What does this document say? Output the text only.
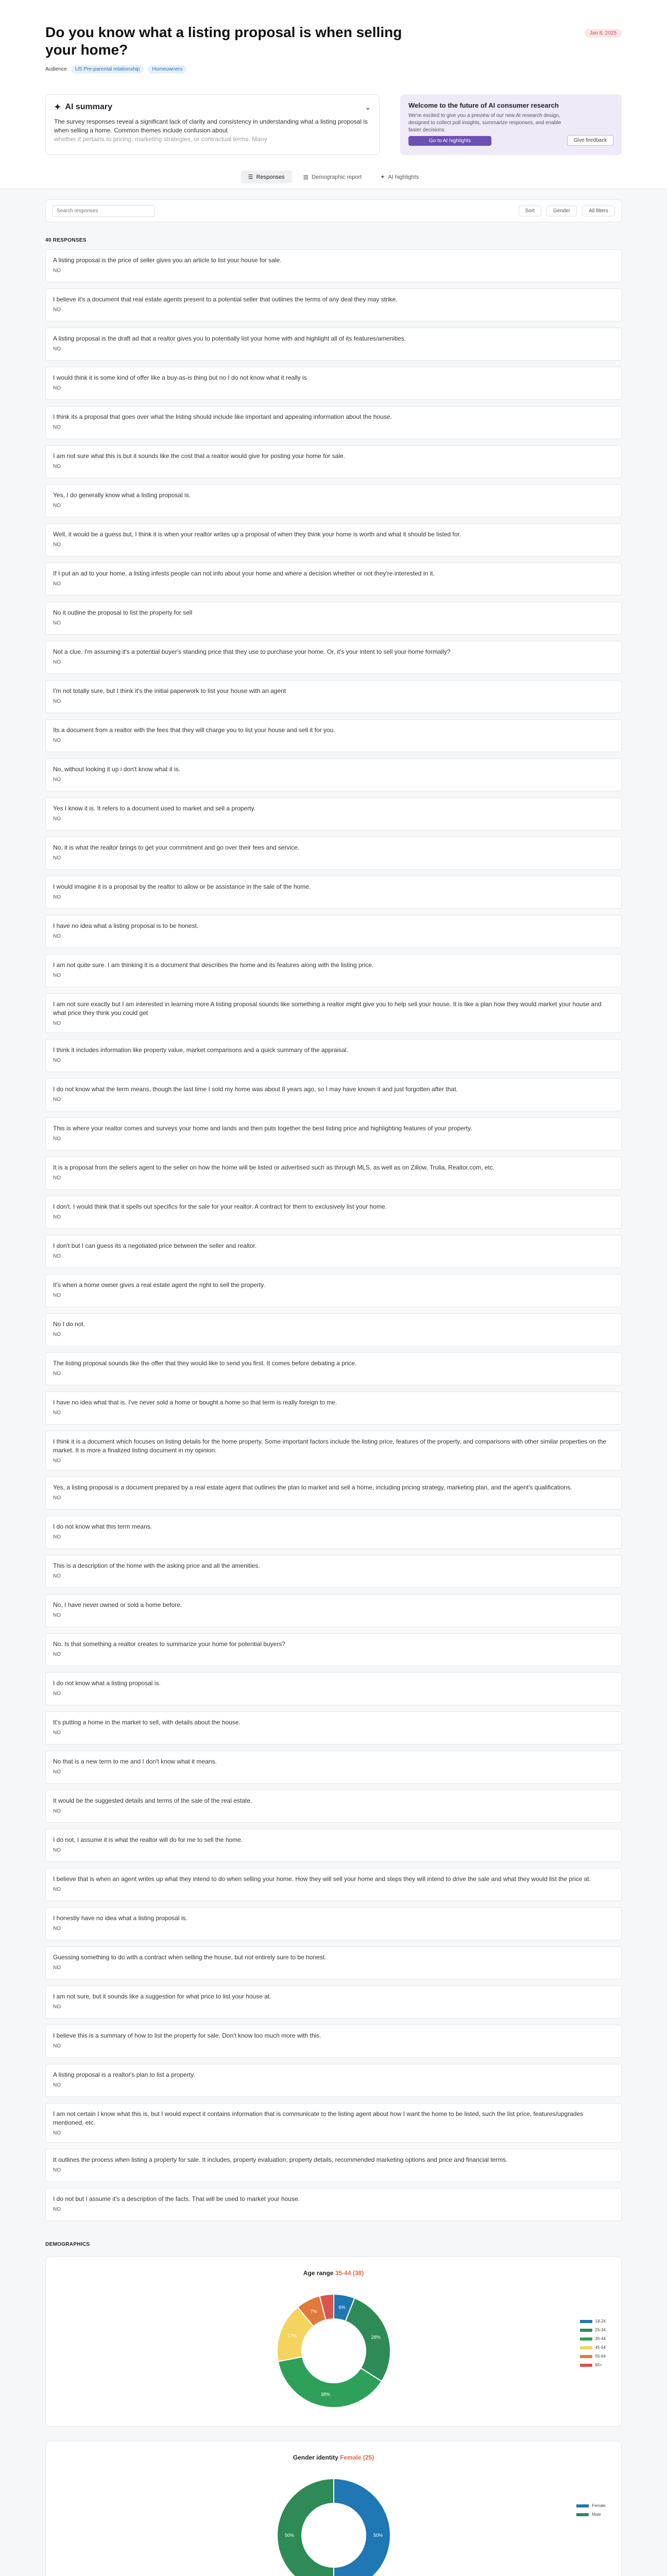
Do you know what a listing proposal is when selling your home?
Jan 8, 2025
Audience	US Pre-parental relationship	Homeowners
✦ AI summary	⌄

The survey responses reveal a significant lack of clarity and consistency in understanding what a listing proposal is when selling a home. Common themes include confusion about

whether it pertains to pricing, marketing strategies, or contractual terms. Many

Welcome to the future of AI consumer research
We're excited to give you a preview of our new AI research design, designed to collect poll insights, summarize responses, and enable faster decisions.
Go to AI highlights	Give feedback
☰ Responses	▥ Demographic report	✦ AI highlights
Search responses
Sort	Gender	All filters
40 RESPONSES
A listing proposal is the price of seller gives you an article to list your house for sale.
NO
I believe it's a document that real estate agents present to a potential seller that outlines the terms of any deal they may strike.
NO
A listing proposal is the draft ad that a realtor gives you to potentially list your home with and highlight all of its features/amenities.
NO
I would think it is some kind of offer like a buy-as-is thing but no I do not know what it really is
NO
I think its a proposal that goes over what the listing should include like important and appealing information about the house.
NO
I am not sure what this is but it sounds like the cost that a realtor would give for posting your home for sale.
NO
Yes, I do generally know what a listing proposal is.
NO
Well, it would be a guess but, I think it is when your realtor writes up a proposal of when they think your home is worth and what it should be listed for.
NO
If I put an ad to your home, a listing infests people can not info about your home and where a decision whether or not they're interested in it.
NO
No it outline the proposal to list the property for sell
NO
Not a clue. I'm assuming it's a potential buyer's standing price that they use to purchase your home. Or, it's your intent to sell your home formally?
NO
I'm not totally sure, but I think it's the initial paperwork to list your house with an agent
NO
Its a document from a realtor with the fees that they will charge you to list your house and sell it for you.
NO
No, without looking it up i don't know what it is.
NO
Yes I know it is. It refers to a document used to market and sell a property.
NO
No, it is what the realtor brings to get your commitment and go over their fees and service.
NO
I would imagine it is a proposal by the realtor to allow or be assistance in the sale of the home.
NO
I have no idea what a listing proposal is to be honest.
NO
I am not quite sure. I am thinking it is a document that describes the home and its features along with the listing price.
NO
I am not sure exactly but I am interested in learning more A listing proposal sounds like something a realtor might give you to help sell your house. It is like a plan how they would market your house and what price they think you could get
NO
I think it includes information like property value, market comparisons and a quick summary of the appraisal.
NO
I do not know what the term means, though the last time I sold my home was about 8 years ago, so I may have known it and just forgotten after that.
NO
This is where your realtor comes and surveys your home and lands and then puts together the best listing price and highlighting features of your property.
NO
It is a proposal from the sellers agent to the seller on how the home will be listed or advertised such as through MLS, as well as on Zillow, Trulia, Realtor.com, etc.
NO
I don't. I would think that it spells out specifics for the sale for your realtor. A contract for them to exclusively list your home.
NO
I don't but I can guess its a negotiated price between the seller and realtor.
NO
It's when a home owner gives a real estate agent the right to sell the property.
NO
No I do not.
NO
The listing proposal sounds like the offer that they would like to send you first. It comes before debating a price.
NO
I have no idea what that is. I've never sold a home or bought a home so that term is really foreign to me.
NO
I think it is a document which focuses on listing details for the home property. Some important factors include the listing price, features of the property, and comparisons with other similar properties on the market. It is more a finalized listing document in my opinion.
NO
Yes, a listing proposal is a document prepared by a real estate agent that outlines the plan to market and sell a home, including pricing strategy, marketing plan, and the agent's qualifications.
NO
I do not know what this term means.
NO
This is a description of the home with the asking price and all the amenities.
NO
No, I have never owned or sold a home before.
NO
No. Is that something a realtor creates to summarize your home for potential buyers?
NO
I do not know what a listing proposal is.
NO
It's putting a home in the market to sell, with details about the house.
NO
No that is a new term to me and I don't know what it means.
NO
It would be the suggested details and terms of the sale of the real estate.
NO
I do not, I assume it is what the realtor will do for me to sell the home.
NO
I believe that is when an agent writes up what they intend to do when selling your home. How they will sell your home and steps they will intend to drive the sale and what they would list the price at.
NO
I honestly have no idea what a listing proposal is.
NO
Guessing something to do with a contract when selling the house, but not entirely sure to be honest.
NO
I am not sure, but it sounds like a suggestion for what price to list your house at.
NO
I believe this is a summary of how to list the property for sale. Don't know too much more with this.
NO
A listing proposal is a realtor's plan to list a property.
NO
I am not certain I know what this is, but I would expect it contains information that is communicate to the listing agent about how I want the home to be listed, such the list price, features/upgrades mentioned, etc.
NO
It outlines the process when listing a property for sale. It includes, property evaluation, property details, recommended marketing options and price and financial terms.
NO
I do not but I assume it's a description of the facts. That will be used to market your house.
NO
DEMOGRAPHICS
Age range 35-44 (38)
6%
28%
38%
17%
7%
18-24
25-34
35-44
45-54
55-64
65+
Gender identity Female (25)
50%
50%
Female
Male
